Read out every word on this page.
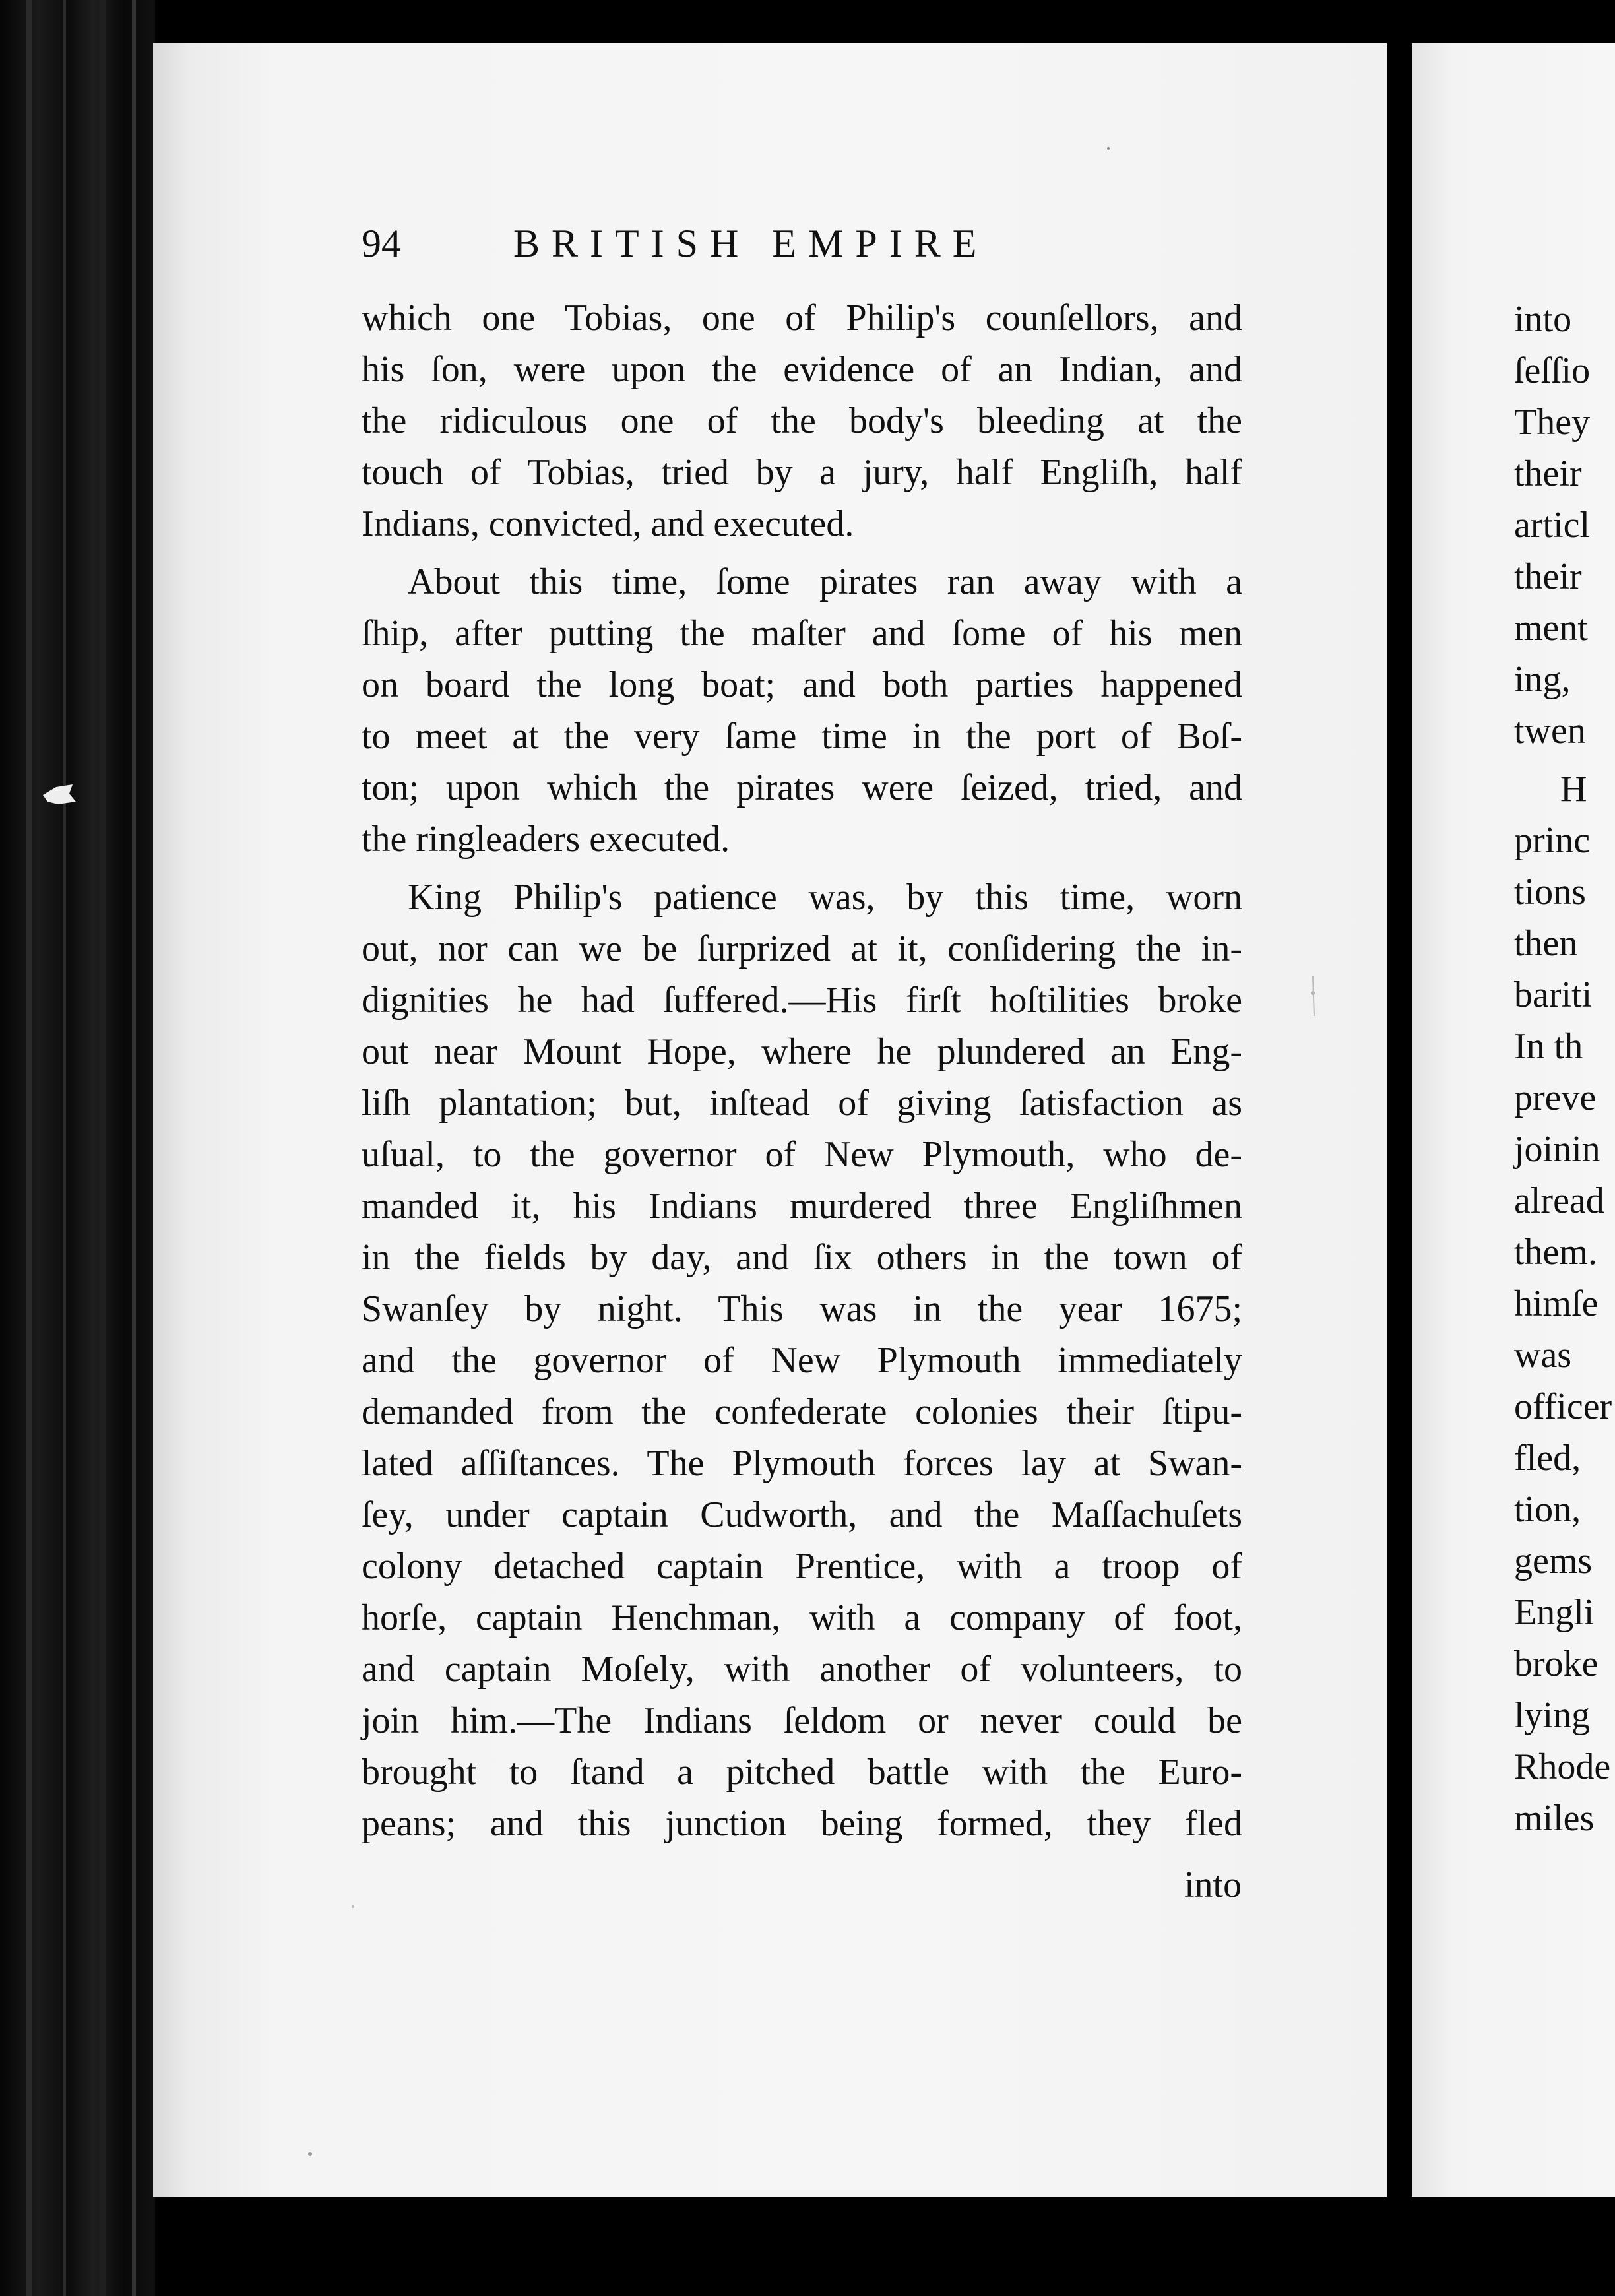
94	BRITISH EMPIRE
which one Tobias, one of Philip's counſellors, and
his ſon, were upon the evidence of an Indian, and
the ridiculous one of the body's bleeding at the
touch of Tobias, tried by a jury, half Engliſh, half
Indians, convicted, and executed.
About this time, ſome pirates ran away with a
ſhip, after putting the maſter and ſome of his men
on board the long boat; and both parties happened
to meet at the very ſame time in the port of Boſ-
ton; upon which the pirates were ſeized, tried, and
the ringleaders executed.
King Philip's patience was, by this time, worn
out, nor can we be ſurprized at it, conſidering the in-
dignities he had ſuffered.—His firſt hoſtilities broke
out near Mount Hope, where he plundered an Eng-
liſh plantation; but, inſtead of giving ſatisfaction as
uſual, to the governor of New Plymouth, who de-
manded it, his Indians murdered three Engliſhmen
in the fields by day, and ſix others in the town of
Swanſey by night. This was in the year 1675;
and the governor of New Plymouth immediately
demanded from the confederate colonies their ſtipu-
lated aſſiſtances. The Plymouth forces lay at Swan-
ſey, under captain Cudworth, and the Maſſachuſets
colony detached captain Prentice, with a troop of
horſe, captain Henchman, with a company of foot,
and captain Moſely, with another of volunteers, to
join him.—The Indians ſeldom or never could be
brought to ſtand a pitched battle with the Euro-
peans; and this junction being formed, they fled
into
into
ſeſſio
They
their
articl
their
ment
ing,
twen
H
princ
tions
then
bariti
In th
preve
joinin
alread
them.
himſe
was
officer
fled,
tion,
gems
Engli
broke
lying
Rhode
miles
